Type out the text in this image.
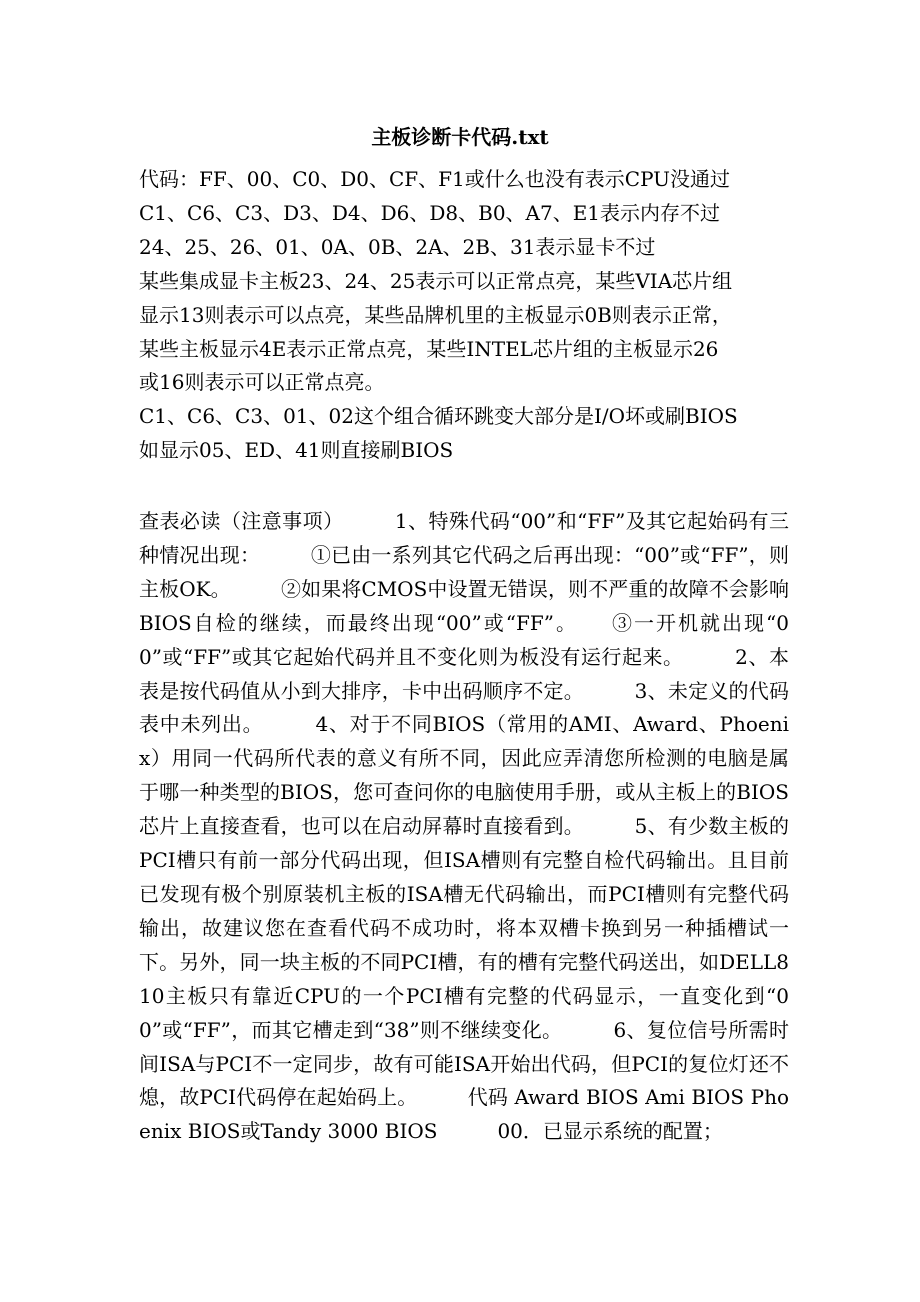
主板诊断卡代码.txt
代码：FF、00、C0、D0、CF、F1或什么也没有表示CPU没通过
C1、C6、C3、D3、D4、D6、D8、B0、A7、E1表示内存不过
24、25、26、01、0A、0B、2A、2B、31表示显卡不过
某些集成显卡主板23、24、25表示可以正常点亮，某些VIA芯片组
显示13则表示可以点亮，某些品牌机里的主板显示0B则表示正常，
某些主板显示4E表示正常点亮，某些INTEL芯片组的主板显示26
或16则表示可以正常点亮。
C1、C6、C3、01、02这个组合循环跳变大部分是I/O坏或刷BIOS
如显示05、ED、41则直接刷BIOS

查表必读（注意事项）　　　1、特殊代码“00”和“FF”及其它起始码有三种情况出现：　　　①已由一系列其它代码之后再出现：“00”或“FF”，则主板OK。　　　②如果将CMOS中设置无错误，则不严重的故障不会影响BIOS自检的继续，而最终出现“00”或“FF”。　　③一开机就出现“00”或“FF”或其它起始代码并且不变化则为板没有运行起来。　　　2、本表是按代码值从小到大排序，卡中出码顺序不定。　　　3、未定义的代码表中未列出。　　　4、对于不同BIOS（常用的AMI、Award、Phoenix）用同一代码所代表的意义有所不同，因此应弄清您所检测的电脑是属于哪一种类型的BIOS，您可查问你的电脑使用手册，或从主板上的BIOS芯片上直接查看，也可以在启动屏幕时直接看到。　　　5、有少数主板的PCI槽只有前一部分代码出现，但ISA槽则有完整自检代码输出。且目前已发现有极个别原装机主板的ISA槽无代码输出，而PCI槽则有完整代码输出，故建议您在查看代码不成功时，将本双槽卡换到另一种插槽试一下。另外，同一块主板的不同PCI槽，有的槽有完整代码送出，如DELL810主板只有靠近CPU的一个PCI槽有完整的代码显示，一直变化到“00”或“FF”，而其它槽走到“38”则不继续变化。　　　6、复位信号所需时间ISA与PCI不一定同步，故有可能ISA开始出代码，但PCI的复位灯还不熄，故PCI代码停在起始码上。　　　代码 Award BIOS Ami BIOS Phoenix BIOS或Tandy 3000 BIOS　　　00．已显示系统的配置；
